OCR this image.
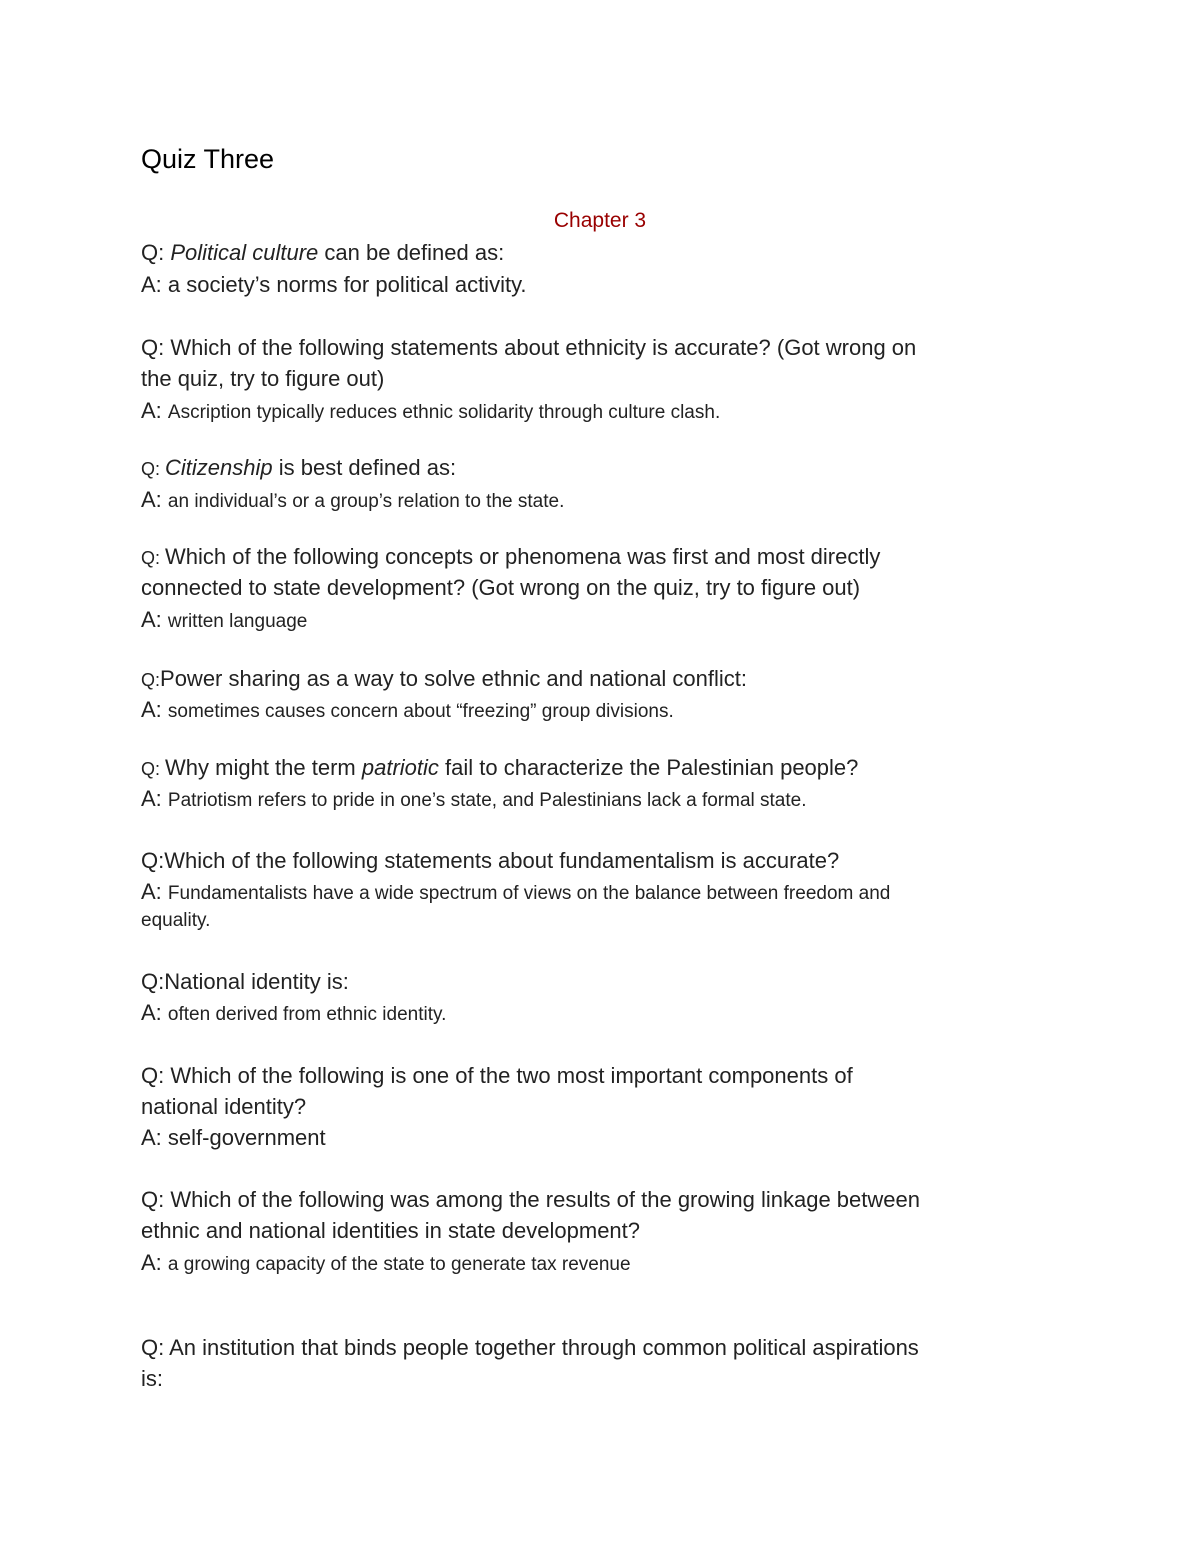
Quiz Three
Chapter 3
Q: Political culture can be defined as:
A: a society’s norms for political activity.
Q: Which of the following statements about ethnicity is accurate? (Got wrong on
the quiz, try to figure out)
A: Ascription typically reduces ethnic solidarity through culture clash.
Q: Citizenship is best defined as:
A: an individual’s or a group’s relation to the state.
Q: Which of the following concepts or phenomena was first and most directly
connected to state development? (Got wrong on the quiz, try to figure out)
A: written language
Q:Power sharing as a way to solve ethnic and national conflict:
A: sometimes causes concern about “freezing” group divisions.
Q: Why might the term patriotic fail to characterize the Palestinian people?
A: Patriotism refers to pride in one’s state, and Palestinians lack a formal state.
Q:Which of the following statements about fundamentalism is accurate?
A: Fundamentalists have a wide spectrum of views on the balance between freedom and
equality.
Q:National identity is:
A: often derived from ethnic identity.
Q: Which of the following is one of the two most important components of
national identity?
A: self-government
Q: Which of the following was among the results of the growing linkage between
ethnic and national identities in state development?
A: a growing capacity of the state to generate tax revenue
Q: An institution that binds people together through common political aspirations
is:
